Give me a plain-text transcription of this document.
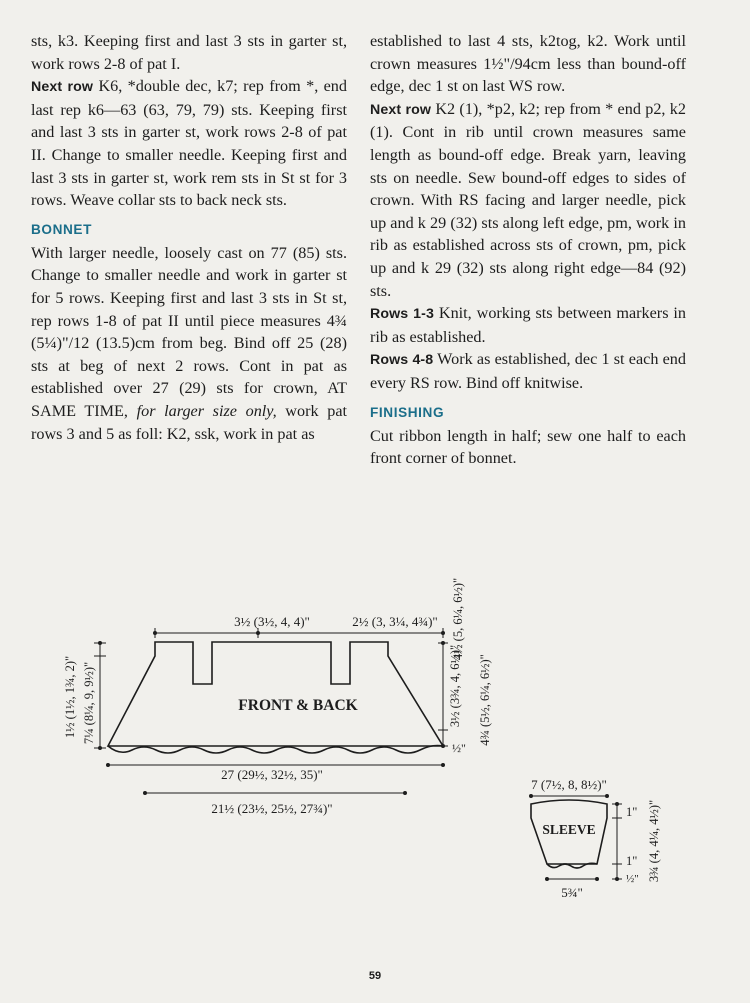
sts, k3. Keeping first and last 3 sts in garter st, work rows 2-8 of pat I.

Next row K6, *double dec, k7; rep from *, end last rep k6—63 (63, 79, 79) sts. Keeping first and last 3 sts in garter st, work rows 2-8 of pat II. Change to smaller needle. Keeping first and last 3 sts in garter st, work rem sts in St st for 3 rows. Weave collar sts to back neck sts.

BONNET

With larger needle, loosely cast on 77 (85) sts. Change to smaller needle and work in garter st for 5 rows. Keeping first and last 3 sts in St st, rep rows 1-8 of pat II until piece measures 4¾ (5¼)"/12 (13.5)cm from beg. Bind off 25 (28) sts at beg of next 2 rows. Cont in pat as established over 27 (29) sts for crown, AT SAME TIME, for larger size only, work pat rows 3 and 5 as foll: K2, ssk, work in pat as

established to last 4 sts, k2tog, k2. Work until crown measures 1½"/94cm less than bound-off edge, dec 1 st on last WS row.

Next row K2 (1), *p2, k2; rep from * end p2, k2 (1). Cont in rib until crown measures same length as bound-off edge. Break yarn, leaving sts on needle. Sew bound-off edges to sides of crown. With RS facing and larger needle, pick up and k 29 (32) sts along left edge, pm, work in rib as established across sts of crown, pm, pick up and k 29 (32) sts along right edge—84 (92) sts.

Rows 1-3 Knit, working sts between markers in rib as established.

Rows 4-8 Work as established, dec 1 st each end every RS row. Bind off knitwise.

FINISHING

Cut ribbon length in half; sew one half to each front corner of bonnet.

FRONT & BACK
3½ (3½, 4, 4)"	2½ (3, 3¼, 4¾)"
27 (29½, 32½, 35)"
21½ (23½, 25½, 27¾)"
½"
1½ (1½, 1¾, 2)" 7¼ (8¼, 9, 9½)"	3½ (3¾, 4, 6½)"
4½ (5, 6¼, 6½)"
4¾ (5½, 6¼, 6½)"
SLEEVE
7 (7½, 8, 8½)"
5¾"
1"
1"
½" 3¾ (4, 4¼, 4½)"
59
